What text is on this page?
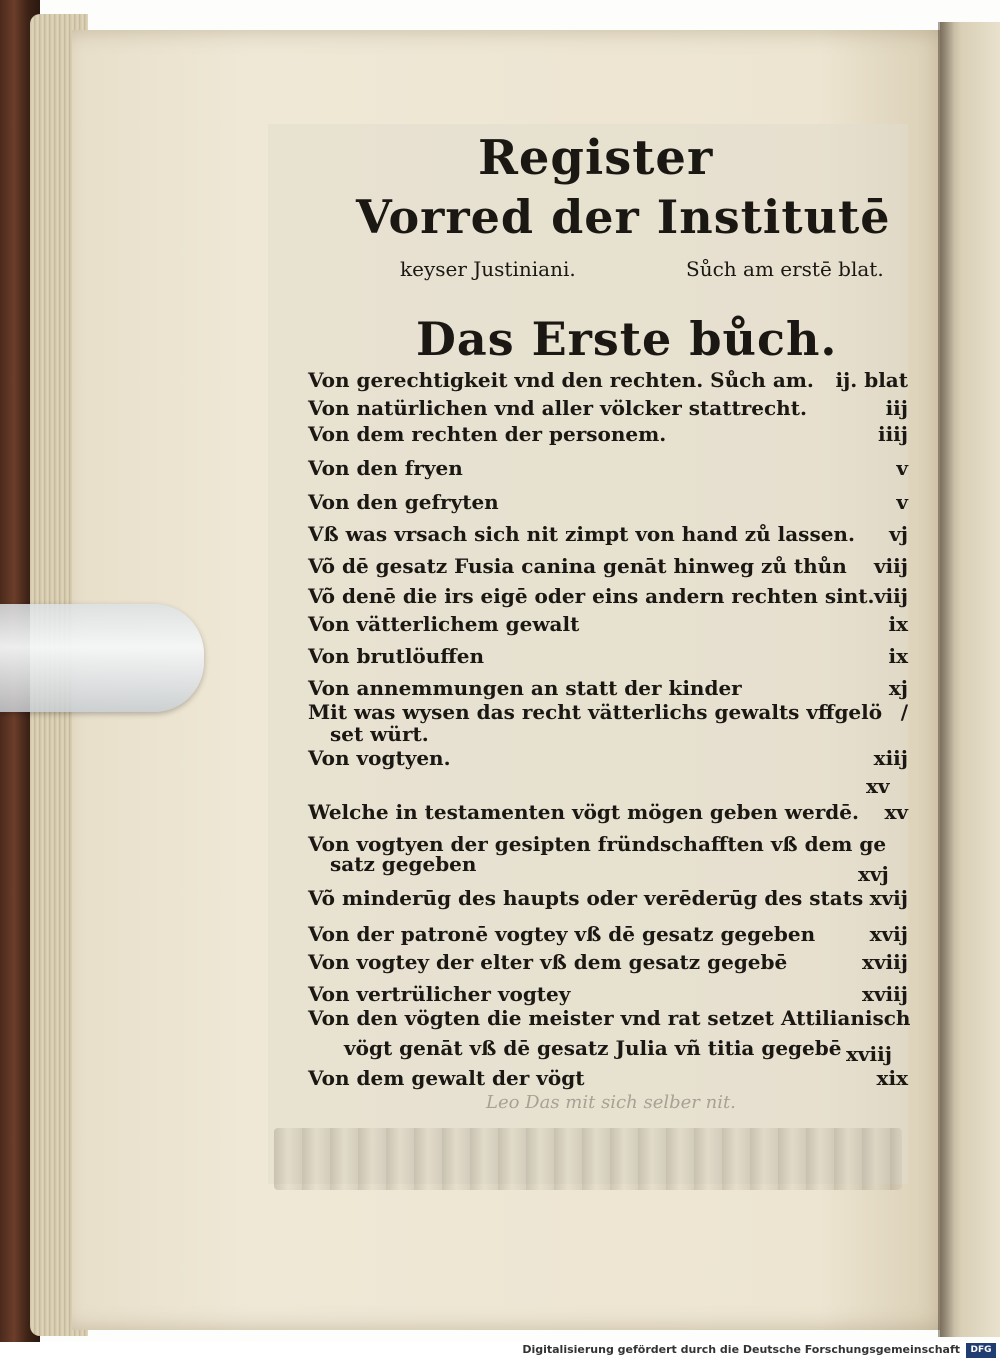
Leo Das mit sich selber nit.
Register
Vorred der Institutē
keyser Justiniani.	Sůch am erstē blat.
Das Erste bůch.
Von gerechtigkeit vnd den rechten. Sůch am. ij. blat
Von natürlichen vnd aller völcker stattrecht.	iij
Von dem rechten der personem.	iiij
Von den fryen	v
Von den gefryten	v
Vß was vrsach sich nit zimpt von hand zů lassen. vj
Võ dē gesatz Fusia canina genāt hinweg zů thůn viij
Võ denē die irs eigē oder eins andern rechten sint. viij
Von vätterlichem gewalt	ix
Von brutlöuffen	ix
Von annemmungen an statt der kinder	xj
Mit was wysen das recht vätterlichs gewalts vffgelö /
set würt.
Von vogtyen.	xiij
xv
Welche in testamenten vögt mögen geben werdē. xv
Von vogtyen der gesipten fründschafften vß dem ge
satz gegeben	xvj
Võ minderūg des haupts oder verēderūg des stats xvij
Von der patronē vogtey vß dē gesatz gegeben	xvij
Von vogtey der elter vß dem gesatz gegebē	xviij
Von vertrülicher vogtey	xviij
Von den vögten die meister vnd rat setzet Attilianisch
vögt genāt vß dē gesatz Julia vñ titia gegebē xviij
Von dem gewalt der vögt	xix
Digitalisierung gefördert durch die Deutsche Forschungsgemeinschaft	DFG
